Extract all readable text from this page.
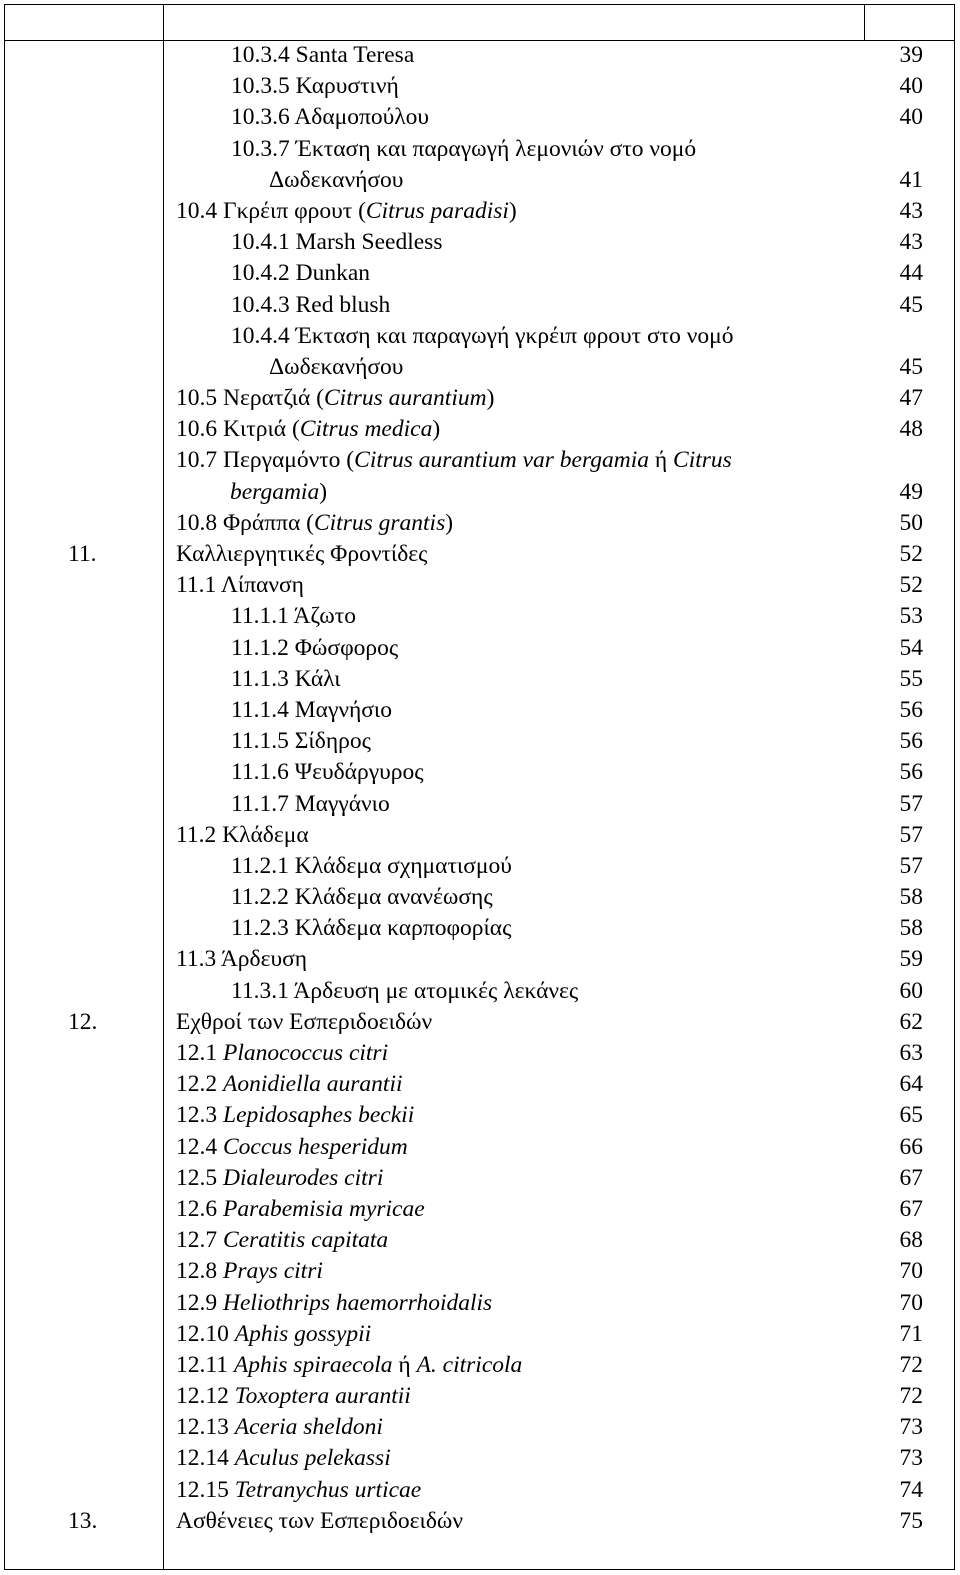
10.3.4 Santa Teresa	39
10.3.5 Καρυστινή	40
10.3.6 Αδαμοπούλου	40
10.3.7 Έκταση και παραγωγή λεμονιών στο νομό
Δωδεκανήσου	41
10.4 Γκρέιπ φρουτ (Citrus paradisi)	43
10.4.1 Marsh Seedless	43
10.4.2 Dunkan	44
10.4.3 Red blush	45
10.4.4 Έκταση και παραγωγή γκρέιπ φρουτ στο νομό
Δωδεκανήσου	45
10.5 Νερατζιά (Citrus aurantium)	47
10.6 Κιτριά (Citrus medica)	48
10.7 Περγαμόντο (Citrus aurantium var bergamia ή Citrus
bergamia)	49
10.8 Φράππα (Citrus grantis)	50
11.	Καλλιεργητικές Φροντίδες	52
11.1 Λίπανση	52
11.1.1 Άζωτο	53
11.1.2 Φώσφορος	54
11.1.3 Κάλι	55
11.1.4 Μαγνήσιο	56
11.1.5 Σίδηρος	56
11.1.6 Ψευδάργυρος	56
11.1.7 Μαγγάνιο	57
11.2 Κλάδεμα	57
11.2.1 Κλάδεμα σχηματισμού	57
11.2.2 Κλάδεμα ανανέωσης	58
11.2.3 Κλάδεμα καρποφορίας	58
11.3 Άρδευση	59
11.3.1 Άρδευση με ατομικές λεκάνες	60
12.	Εχθροί των Εσπεριδοειδών	62
12.1 Planococcus citri	63
12.2 Aonidiella aurantii	64
12.3 Lepidosaphes beckii	65
12.4 Coccus hesperidum	66
12.5 Dialeurodes citri	67
12.6 Parabemisia myricae	67
12.7 Ceratitis capitata	68
12.8 Prays citri	70
12.9 Heliothrips haemorrhoidalis	70
12.10 Aphis gossypii	71
12.11 Aphis spiraecola ή A. citricola	72
12.12 Toxoptera aurantii	72
12.13 Aceria sheldoni	73
12.14 Aculus pelekassi	73
12.15 Tetranychus urticae	74
13.	Ασθένειες των Εσπεριδοειδών	75
